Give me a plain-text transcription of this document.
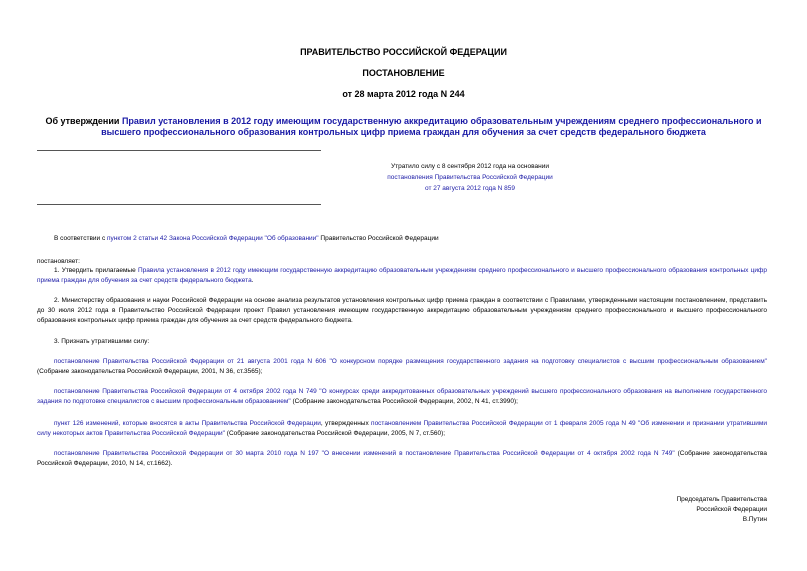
ПРАВИТЕЛЬСТВО РОССИЙСКОЙ ФЕДЕРАЦИИ
ПОСТАНОВЛЕНИЕ
от 28 марта 2012 года N 244
Об утверждении Правил установления в 2012 году имеющим государственную аккредитацию образовательным учреждениям среднего профессионального и высшего профессионального образования контрольных цифр приема граждан для обучения за счет средств федерального бюджета
Утратило силу с 8 сентября 2012 года на основании
постановления Правительства Российской Федерации
от 27 августа 2012 года N 859
В соответствии с пунктом 2 статьи 42 Закона Российской Федерации "Об образовании" Правительство Российской Федерации
постановляет:
1. Утвердить прилагаемые Правила установления в 2012 году имеющим государственную аккредитацию образовательным учреждениям среднего профессионального и высшего профессионального образования контрольных цифр приема граждан для обучения за счет средств федерального бюджета.
2. Министерству образования и науки Российской Федерации на основе анализа результатов установления контрольных цифр приема граждан в соответствии с Правилами, утвержденными настоящим постановлением, представить до 30 июля 2012 года в Правительство Российской Федерации проект Правил установления имеющим государственную аккредитацию образовательным учреждениям среднего профессионального и высшего профессионального образования контрольных цифр приема граждан для обучения за счет средств федерального бюджета.
3. Признать утратившими силу:
постановление Правительства Российской Федерации от 21 августа 2001 года N 606 "О конкурсном порядке размещения государственного задания на подготовку специалистов с высшим профессиональным образованием" (Собрание законодательства Российской Федерации, 2001, N 36, ст.3565);
постановление Правительства Российской Федерации от 4 октября 2002 года N 749 "О конкурсах среди аккредитованных образовательных учреждений высшего профессионального образования на выполнение государственного задания по подготовке специалистов с высшим профессиональным образованием" (Собрание законодательства Российской Федерации, 2002, N 41, ст.3990);
пункт 126 изменений, которые вносятся в акты Правительства Российской Федерации, утвержденных постановлением Правительства Российской Федерации от 1 февраля 2005 года N 49 "Об изменении и признании утратившими силу некоторых актов Правительства Российской Федерации" (Собрание законодательства Российской Федерации, 2005, N 7, ст.560);
постановление Правительства Российской Федерации от 30 марта 2010 года N 197 "О внесении изменений в постановление Правительства Российской Федерации от 4 октября 2002 года N 749" (Собрание законодательства Российской Федерации, 2010, N 14, ст.1662).
Председатель Правительства
Российской Федерации
В.Путин
